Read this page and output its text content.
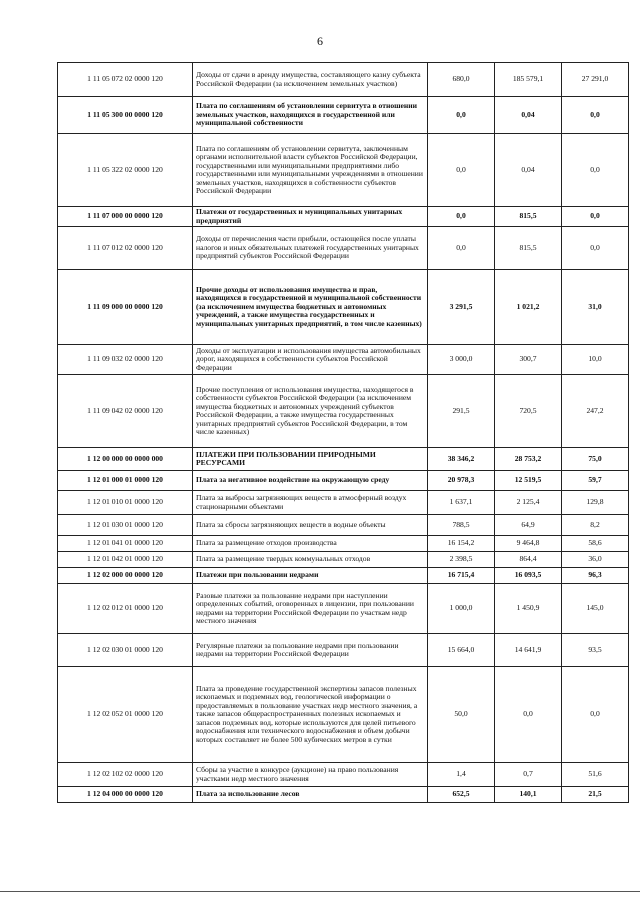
6
1 11 05 072 02 0000 120	Доходы от сдачи в аренду имущества, составляющего казну субъекта Российской Федерации (за исключением земельных участков)	680,0	185 579,1	27 291,0
1 11 05 300 00 0000 120	Плата по соглашениям об установлении сервитута в отношении земельных участков, находящихся в государственной или муниципальной собственности	0,0	0,04	0,0
1 11 05 322 02 0000 120	Плата по соглашениям об установлении сервитута, заключенным органами исполнительной власти субъектов Российской Федерации, государственными или муниципальными предприятиями либо государственными или муниципальными учреждениями в отношении земельных участков, находящихся в собственности субъектов Российской Федерации	0,0	0,04	0,0
1 11 07 000 00 0000 120	Платежи от государственных и муниципальных унитарных предприятий	0,0	815,5	0,0
1 11 07 012 02 0000 120	Доходы от перечисления части прибыли, остающейся после уплаты налогов и иных обязательных платежей государственных унитарных предприятий субъектов Российской Федерации	0,0	815,5	0,0
1 11 09 000 00 0000 120	Прочие доходы от использования имущества и прав, находящихся в государственной и муниципальной собственности (за исключением имущества бюджетных и автономных учреждений, а также имущества государственных и муниципальных унитарных предприятий, в том числе казенных)	3 291,5	1 021,2	31,0
1 11 09 032 02 0000 120	Доходы от эксплуатации и использования имущества автомобильных дорог, находящихся в собственности субъектов Российской Федерации	3 000,0	300,7	10,0
1 11 09 042 02 0000 120	Прочие поступления от использования имущества, находящегося в собственности субъектов Российской Федерации (за исключением имущества бюджетных и автономных учреждений субъектов Российской Федерации, а также имущества государственных унитарных предприятий субъектов Российской Федерации, в том числе казенных)	291,5	720,5	247,2
1 12 00 000 00 0000 000	ПЛАТЕЖИ ПРИ ПОЛЬЗОВАНИИ ПРИРОДНЫМИ РЕСУРСАМИ	38 346,2	28 753,2	75,0
1 12 01 000 01 0000 120	Плата за негативное воздействие на окружающую среду	20 978,3	12 519,5	59,7
1 12 01 010 01 0000 120	Плата за выбросы загрязняющих веществ в атмосферный воздух стационарными объектами	1 637,1	2 125,4	129,8
1 12 01 030 01 0000 120	Плата за сбросы загрязняющих веществ в водные объекты	788,5	64,9	8,2
1 12 01 041 01 0000 120	Плата за размещение отходов производства	16 154,2	9 464,8	58,6
1 12 01 042 01 0000 120	Плата за размещение твердых коммунальных отходов	2 398,5	864,4	36,0
1 12 02 000 00 0000 120	Платежи при пользовании недрами	16 715,4	16 093,5	96,3
1 12 02 012 01 0000 120	Разовые платежи за пользование недрами при наступлении определенных событий, оговоренных в лицензии, при пользовании недрами на территории Российской Федерации по участкам недр местного значения	1 000,0	1 450,9	145,0
1 12 02 030 01 0000 120	Регулярные платежи за пользование недрами при пользовании недрами на территории Российской Федерации	15 664,0	14 641,9	93,5
1 12 02 052 01 0000 120	Плата за проведение государственной экспертизы запасов полезных ископаемых и подземных вод, геологической информации о предоставляемых в пользование участках недр местного значения, а также запасов общераспространенных полезных ископаемых и запасов подземных вод, которые используются для целей питьевого водоснабжения или технического водоснабжения и объем добычи которых составляет не более 500 кубических метров в сутки	50,0	0,0	0,0
1 12 02 102 02 0000 120	Сборы за участие в конкурсе (аукционе) на право пользования участками недр местного значения	1,4	0,7	51,6
1 12 04 000 00 0000 120	Плата за использование лесов	652,5	140,1	21,5
